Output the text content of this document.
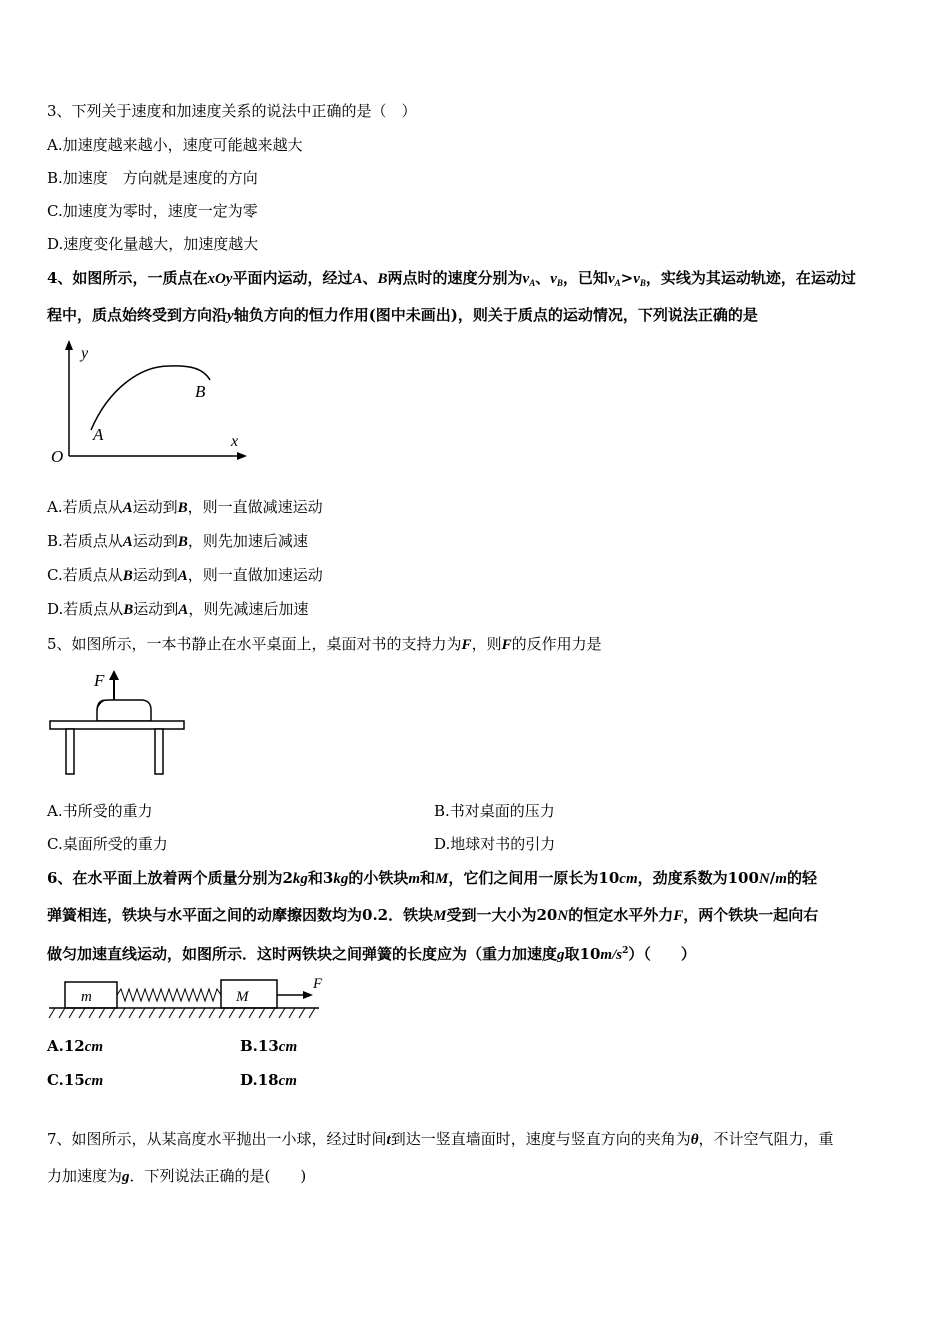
3、下列关于速度和加速度关系的说法中正确的是（　）
A.加速度越来越小，速度可能越来越大
B.加速度　方向就是速度的方向
C.加速度为零时，速度一定为零
D.速度变化量越大，加速度越大
4、如图所示，一质点在xOy平面内运动，经过A、B两点时的速度分别为$v_A$、$v_B$，已知$v_A>v_B$，实线为其运动轨迹，在运动过
程中，质点始终受到方向沿y轴负方向的恒力作用(图中未画出)，则关于质点的运动情况，下列说法正确的是
y
x
O
A
B
A.若质点从A运动到B，则一直做减速运动
B.若质点从A运动到B，则先加速后减速
C.若质点从B运动到A，则一直做加速运动
D.若质点从B运动到A，则先减速后加速
5、如图所示，一本书静止在水平桌面上，桌面对书的支持力为F，则F的反作用力是
F
A.书所受的重力	B.书对桌面的压力
C.桌面所受的重力	D.地球对书的引力
6、在水平面上放着两个质量分别为2kg和3kg的小铁块m和M，它们之间用一原长为10cm，劲度系数为100N/m的轻
弹簧相连，铁块与水平面之间的动摩擦因数均为0.2．铁块M受到一大小为20N的恒定水平外力F，两个铁块一起向右
做匀加速直线运动，如图所示．这时两铁块之间弹簧的长度应为（重力加速度g取$10m/s^2$）（　　）
m	M
F
A.12cm	B.13cm
C.15cm	D.18cm
7、如图所示，从某高度水平抛出一小球，经过时间t到达一竖直墙面时，速度与竖直方向的夹角为θ，不计空气阻力，重
力加速度为g．下列说法正确的是(　　)
